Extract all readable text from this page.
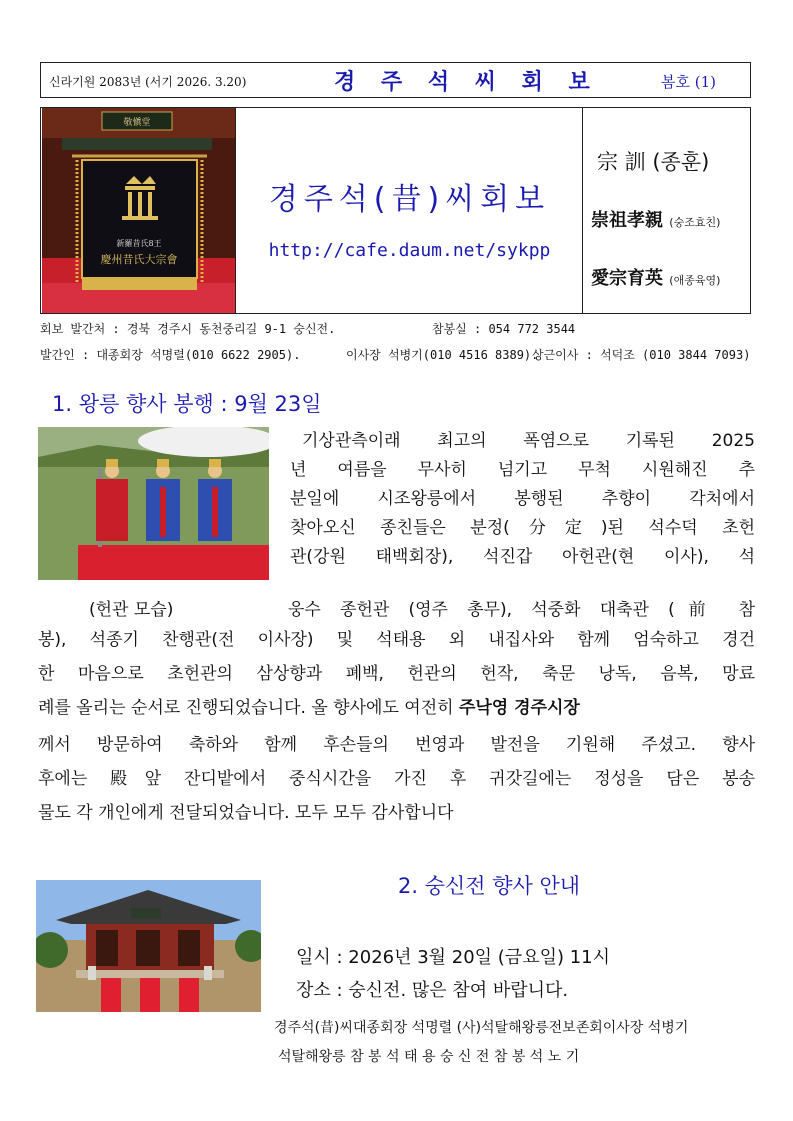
신라기원 2083년 (서기 2026. 3.20)	경 주 석 씨 회 보	봄호 (1)
敬愼堂
新羅昔氏8王
慶州昔氏大宗會
경주석(昔)씨회보
http://cafe.daum.net/sykpp
宗 訓 (종훈)
崇祖孝親 (숭조효친)
愛宗育英 (애종육영)
회보 발간처 : 경북 경주시 동천중리길 9-1 숭신전.	참봉실 : 054 772 3544
발간인 : 대종회장 석명렬(010 6622 2905).	이사장 석병기(010 4516 8389).
상근이사 : 석덕조 (010 3844 7093)
1. 왕릉 향사 봉행 : 9월 23일
기상관측이래 최고의 폭염으로 기록된 2025
년 여름을 무사히 넘기고 무척 시원해진 추
분일에 시조왕릉에서 봉행된 추향이 각처에서
찾아오신 종친들은 분정(分定)된 석수덕 초헌
관(강원 태백회장), 석진갑 아헌관(현 이사), 석
(헌관 모습)	웅수 종헌관 (영주 총무), 석중화 대축관 (前 참
봉), 석종기 찬행관(전 이사장) 및 석태용 외 내집사와 함께 엄숙하고 경건
한 마음으로 초헌관의 삼상향과 폐백, 헌관의 헌작, 축문 낭독, 음복, 망료
례를 올리는 순서로 진행되었습니다. 올 향사에도 여전히 주낙영 경주시장
께서 방문하여 축하와 함께 후손들의 번영과 발전을 기원해 주셨고. 향사
후에는 殿앞 잔디밭에서 중식시간을 가진 후 귀갓길에는 정성을 담은 봉송
물도 각 개인에게 전달되었습니다. 모두 모두 감사합니다
2. 숭신전 향사 안내
일시 : 2026년 3월 20일 (금요일) 11시
장소 : 숭신전. 많은 참여 바랍니다.
경주석(昔)씨대종회장 석명렬 (사)석탈해왕릉전보존회이사장 석병기
석탈해왕릉 참 봉 석 태 용 숭 신 전 참 봉 석 노 기
